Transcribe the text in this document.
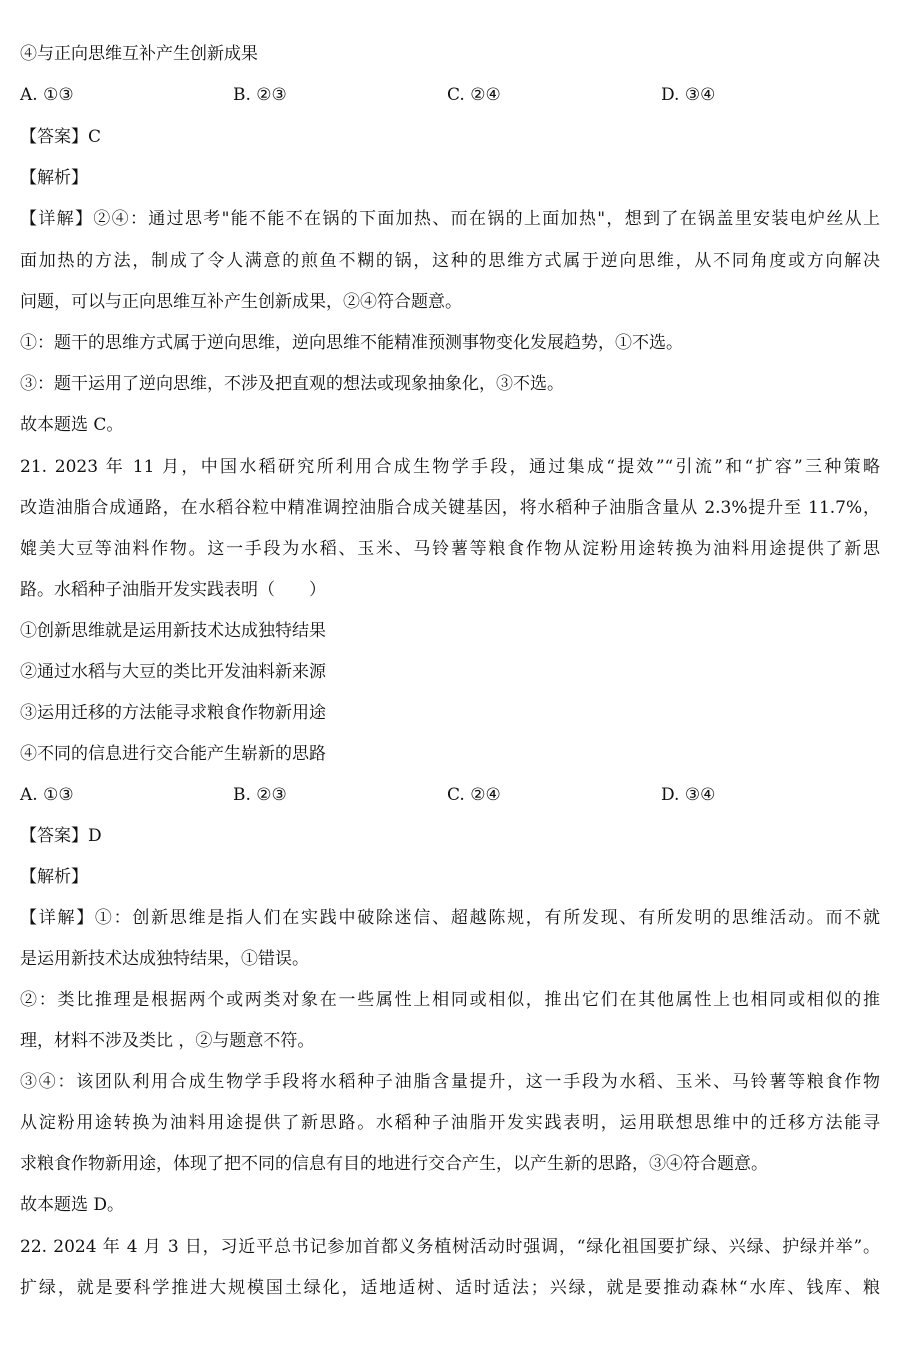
④与正向思维互补产生创新成果

A. ①③	B. ②③	C. ②④	D. ③④

【答案】C

【解析】

【详解】②④：通过思考"能不能不在锅的下面加热、而在锅的上面加热"，想到了在锅盖里安装电炉丝从上

面加热的方法，制成了令人满意的煎鱼不糊的锅，这种的思维方式属于逆向思维，从不同角度或方向解决

问题，可以与正向思维互补产生创新成果，②④符合题意。

①：题干的思维方式属于逆向思维，逆向思维不能精准预测事物变化发展趋势，①不选。

③：题干运用了逆向思维，不涉及把直观的想法或现象抽象化，③不选。

故本题选 C。

21. 2023 年 11 月，中国水稻研究所利用合成生物学手段，通过集成“提效”“引流”和“扩容”三种策略

改造油脂合成通路，在水稻谷粒中精准调控油脂合成关键基因，将水稻种子油脂含量从 2.3%提升至 11.7%，

媲美大豆等油料作物。这一手段为水稻、玉米、马铃薯等粮食作物从淀粉用途转换为油料用途提供了新思

路。水稻种子油脂开发实践表明（　　）

①创新思维就是运用新技术达成独特结果

②通过水稻与大豆的类比开发油料新来源

③运用迁移的方法能寻求粮食作物新用途

④不同的信息进行交合能产生崭新的思路

A. ①③	B. ②③	C. ②④	D. ③④

【答案】D

【解析】

【详解】①：创新思维是指人们在实践中破除迷信、超越陈规，有所发现、有所发明的思维活动。而不就

是运用新技术达成独特结果，①错误。

②：类比推理是根据两个或两类对象在一些属性上相同或相似，推出它们在其他属性上也相同或相似的推

理，材料不涉及类比 ，②与题意不符。

③④：该团队利用合成生物学手段将水稻种子油脂含量提升，这一手段为水稻、玉米、马铃薯等粮食作物

从淀粉用途转换为油料用途提供了新思路。水稻种子油脂开发实践表明，运用联想思维中的迁移方法能寻

求粮食作物新用途，体现了把不同的信息有目的地进行交合产生，以产生新的思路，③④符合题意。

故本题选 D。

22. 2024 年 4 月 3 日，习近平总书记参加首都义务植树活动时强调，“绿化祖国要扩绿、兴绿、护绿并举”。

扩绿，就是要科学推进大规模国土绿化，适地适树、适时适法；兴绿，就是要推动森林“水库、钱库、粮
